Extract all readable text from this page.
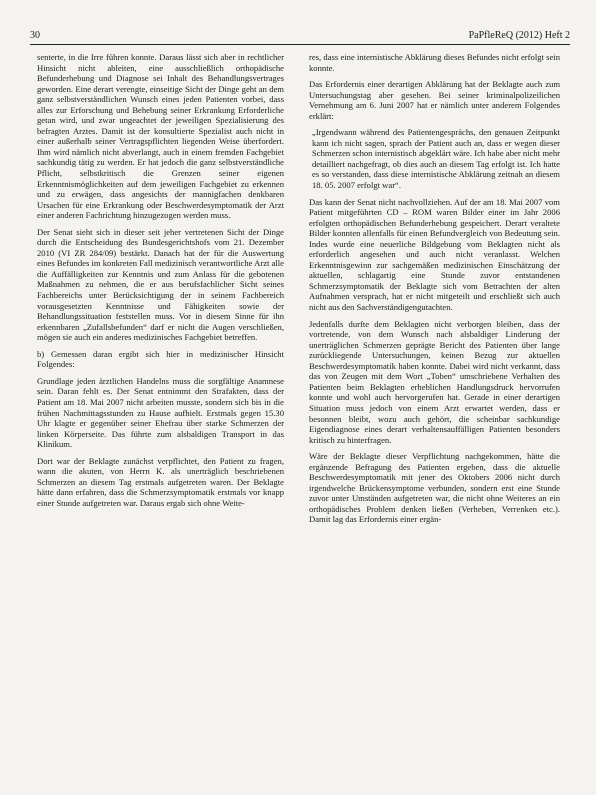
30	PaPfleReQ (2012) Heft 2

senterte, in die Irre führen konnte. Daraus lässt sich aber in rechtlicher Hinsicht nicht ableiten, eine ausschließlich orthopädische Befunderhebung und Diagnose sei Inhalt des Behandlungsvertrages geworden. Eine derart verengte, einseitige Sicht der Dinge geht an dem ganz selbstverständlichen Wunsch eines jeden Patienten vorbei, dass alles zur Erforschung und Behebung seiner Erkrankung Erforderliche getan wird, und zwar ungeachtet der jeweiligen Spezialisierung des befragten Arztes. Damit ist der konsultierte Spezialist auch nicht in einer außerhalb seiner Vertragspflichten liegenden Weise überfordert. Ihm wird nämlich nicht abverlangt, auch in einem fremden Fachgebiet sachkundig tätig zu werden. Er hat jedoch die ganz selbstverständliche Pflicht, selbstkritisch die Grenzen seiner eigenen Erkenntnismöglichkeiten auf dem jeweiligen Fachgebiet zu erkennen und zu erwägen, dass angesichts der mannigfachen denkbaren Ursachen für eine Erkrankung oder Beschwerdesymptomatik der Arzt einer anderen Fachrichtung hinzugezogen werden muss.

Der Senat sieht sich in dieser seit jeher vertretenen Sicht der Dinge durch die Entscheidung des Bundesgerichtshofs vom 21. Dezember 2010 (VI ZR 284/09) bestärkt. Danach hat der für die Auswertung eines Befundes im konkreten Fall medizinisch verantwortliche Arzt alle die Auffälligkeiten zur Kenntnis und zum Anlass für die gebotenen Maßnahmen zu nehmen, die er aus berufsfachlicher Sicht seines Fachbereichs unter Berücksichtigung der in seinem Fachbereich vorausgesetzten Kenntnisse und Fähigkeiten sowie der Behandlungssituation feststellen muss. Vor in diesem Sinne für ihn erkennbaren „Zufallsbefunden“ darf er nicht die Augen verschließen, mögen sie auch ein anderes medizinisches Fachgebiet betreffen.

b) Gemessen daran ergibt sich hier in medizinischer Hinsicht Folgendes:

Grundlage jeden ärztlichen Handelns muss die sorgfältige Anamnese sein. Daran fehlt es. Der Senat entnimmt den Strafakten, dass der Patient am 18. Mai 2007 nicht arbeiten musste, sondern sich bis in die frühen Nachmittagsstunden zu Hause aufhielt. Erstmals gegen 15.30 Uhr klagte er gegenüber seiner Ehefrau über starke Schmerzen der linken Körperseite. Das führte zum alsbaldigen Transport in das Klinikum.

Dort war der Beklagte zunächst verpflichtet, den Patient zu fragen, wann die akuten, von Herrn K. als unerträglich beschriebenen Schmerzen an diesem Tag erstmals aufgetreten waren. Der Beklagte hätte dann erfahren, dass die Schmerzsymptomatik erstmals vor knapp einer Stunde aufgetreten war. Daraus ergab sich ohne Weite-

res, dass eine internistische Abklärung dieses Befundes nicht erfolgt sein konnte.

Das Erfordernis einer derartigen Abklärung hat der Beklagte auch zum Untersuchungstag aber gesehen. Bei seiner kriminalpolizeilichen Vernehmung am 6. Juni 2007 hat er nämlich unter anderem Folgendes erklärt:

„Irgendwann während des Patientengesprächs, den genauen Zeitpunkt kann ich nicht sagen, sprach der Patient auch an, dass er wegen dieser Schmerzen schon internistisch abgeklärt wäre. Ich habe aber nicht mehr detailliert nachgefragt, ob dies auch an diesem Tag erfolgt ist. Ich hatte es so verstanden, dass diese internistische Abklärung zeitnah an diesem 18. 05. 2007 erfolgt war“.

Das kann der Senat nicht nachvollziehen. Auf der am 18. Mai 2007 vom Patient mitgeführten CD – ROM waren Bilder einer im Jahr 2006 erfolgten orthopädischen Befunderhebung gespeichert. Derart veraltete Bilder konnten allenfalls für einen Befundvergleich von Bedeutung sein. Indes wurde eine neuerliche Bildgebung vom Beklagten nicht als erforderlich angesehen und auch nicht veranlasst. Welchen Erkenntnisgewinn zur sachgemäßen medizinischen Einschätzung der aktuellen, schlagartig eine Stunde zuvor entstandenen Schmerzsymptomatik der Beklagte sich vom Betrachten der alten Aufnahmen versprach, hat er nicht mitgeteilt und erschließt sich auch nicht aus den Sachverständigengutachten.

Jedenfalls durfte dem Beklagten nicht verborgen bleiben, dass der vortretende, von dem Wunsch nach alsbaldiger Linderung der unerträglichen Schmerzen geprägte Bericht des Patienten über lange zurückliegende Untersuchungen, keinen Bezug zur aktuellen Beschwerdesymptomatik haben konnte. Dabei wird nicht verkannt, dass das von Zeugen mit dem Wort „Toben“ umschriebene Verhalten des Patienten beim Beklagten erheblichen Handlungsdruck hervorrufen konnte und wohl auch hervorgerufen hat. Gerade in einer derartigen Situation muss jedoch von einem Arzt erwartet werden, dass er besonnen bleibt, wozu auch gehört, die scheinbar sachkundige Eigendiagnose eines derart verhaltensauffälligen Patienten besonders kritisch zu hinterfragen.

Wäre der Beklagte dieser Verpflichtung nachgekommen, hätte die ergänzende Befragung des Patienten ergeben, dass die aktuelle Beschwerdesymptomatik mit jener des Oktobers 2006 nicht durch irgendwelche Brückensymptome verbunden, sondern erst eine Stunde zuvor unter Umständen aufgetreten war, die nicht ohne Weiteres an ein orthopädisches Problem denken ließen (Verheben, Verrenken etc.). Damit lag das Erfordernis einer ergän-
